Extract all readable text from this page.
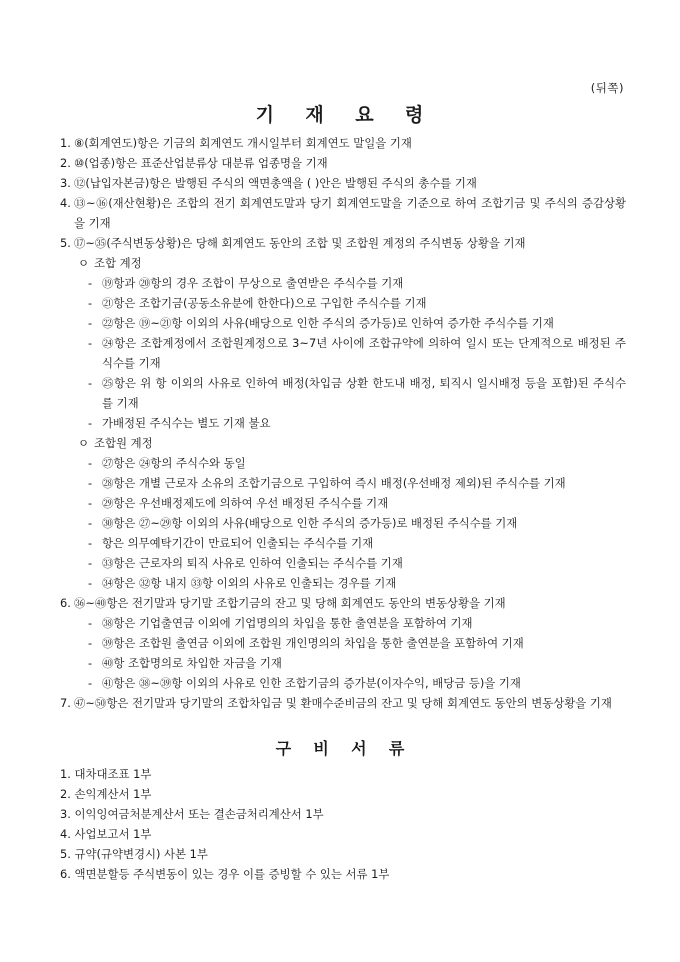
(뒤쪽)
기    재    요    령
1. ⑧(회계연도)항은 기금의 회계연도 개시일부터 회계연도 말일을 기재
2. ⑩(업종)항은 표준산업분류상 대분류 업종명을 기재
3. ⑫(납입자본금)항은 발행된 주식의 액면총액을 ( )안은 발행된 주식의 총수를 기재
4. ⑬~⑯(재산현황)은 조합의 전기 회계연도말과 당기 회계연도말을 기준으로 하여 조합기금 및 주식의 증감상황을 기재
5. ⑰~㉟(주식변동상황)은 당해 회계연도 동안의 조합 및 조합원 계정의 주식변동 상황을 기재
ㅇ 조합 계정
- ⑲항과 ⑳항의 경우 조합이 무상으로 출연받은 주식수를 기재
- ㉑항은 조합기금(공동소유분에 한한다)으로 구입한 주식수를 기재
- ㉒항은 ⑲~㉑항 이외의 사유(배당으로 인한 주식의 증가등)로 인하여 증가한 주식수를 기재
- ㉔항은 조합계정에서 조합원계정으로 3~7년 사이에 조합규약에 의하여 일시 또는 단계적으로 배정된 주식수를 기재
- ㉕항은 위 항 이외의 사유로 인하여 배정(차입금 상환 한도내 배정, 퇴직시 일시배정 등을 포함)된 주식수를 기재
- 가배정된 주식수는 별도 기재 불요
ㅇ 조합원 계정
- ㉗항은 ㉔항의 주식수와 동일
- ㉘항은 개별 근로자 소유의 조합기금으로 구입하여 즉시 배정(우선배정 제외)된 주식수를 기재
- ㉙항은 우선배정제도에 의하여 우선 배정된 주식수를 기재
- ㉚항은 ㉗~㉙항 이외의 사유(배당으로 인한 주식의 증가등)로 배정된 주식수를 기재
- 항은 의무예탁기간이 만료되어 인출되는 주식수를 기재
- ㉝항은 근로자의 퇴직 사유로 인하여 인출되는 주식수를 기재
- ㉞항은 ㉜항 내지 ㉝항 이외의 사유로 인출되는 경우를 기재
6. ㊱~㊵항은 전기말과 당기말 조합기금의 잔고 및 당해 회계연도 동안의 변동상황을 기재
- ㊳항은 기업출연금 이외에 기업명의의 차입을 통한 출연분을 포함하여 기재
- ㊴항은 조합원 출연금 이외에 조합원 개인명의의 차입을 통한 출연분을 포함하여 기재
- ㊵항 조합명의로 차입한 자금을 기재
- ㊶항은 ㊳~㊴항 이외의 사유로 인한 조합기금의 증가분(이자수익, 배당금 등)을 기재
7. ㊼~㊿항은 전기말과 당기말의 조합차입금 및 환매수준비금의 잔고 및 당해 회계연도 동안의 변동상황을 기재
구    비    서    류
1. 대차대조표 1부
2. 손익계산서 1부
3. 이익잉여금처분계산서 또는 결손금처리계산서 1부
4. 사업보고서 1부
5. 규약(규약변경시) 사본 1부
6. 액면분할등 주식변동이 있는 경우 이를 증빙할 수 있는 서류 1부
